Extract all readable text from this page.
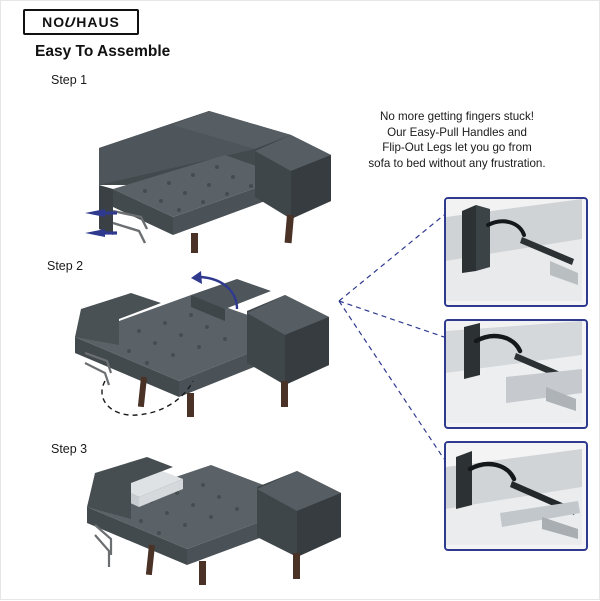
NO
U
HAUS
Easy To Assemble
Step 1
Step 2
Step 3
No more getting fingers stuck!
Our Easy-Pull Handles and
Flip-Out Legs let you go from
sofa to bed without any frustration.
